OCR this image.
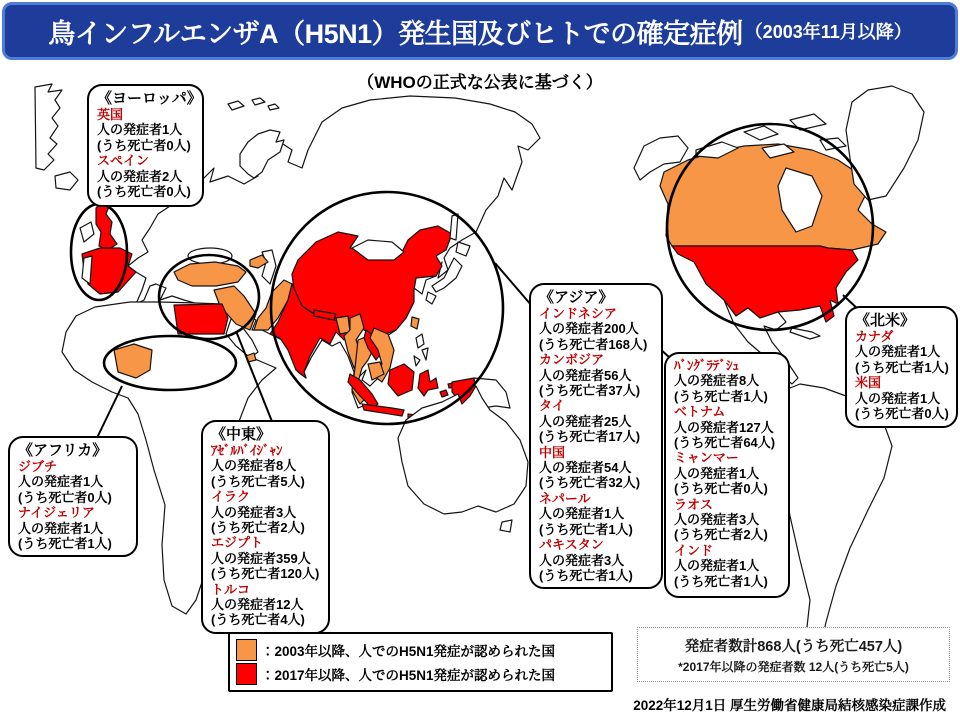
鳥インフルエンザA（H5N1）発生国及びヒトでの確定症例 （2003年11月以降）
（WHOの正式な公表に基づく）
《ヨーロッパ》
英国
人の発症者1人
(うち死亡者0人)
スペイン
人の発症者2人
(うち死亡者0人)
《アジア》
インドネシア
人の発症者200人
(うち死亡者168人)
カンボジア
人の発症者56人
(うち死亡者37人)
タイ
人の発症者25人
(うち死亡者17人)
中国
人の発症者54人
(うち死亡者32人)
ネパール
人の発症者1人
(うち死亡者1人)
パキスタン
人の発症者3人
(うち死亡者1人)
ﾊﾞﾝｸﾞﾗﾃﾞｼｭ
人の発症者8人
(うち死亡者1人)
ベトナム
人の発症者127人
(うち死亡者64人)
ミャンマー
人の発症者1人
(うち死亡者0人)
ラオス
人の発症者3人
(うち死亡者2人)
インド
人の発症者1人
(うち死亡者1人)
《北米》
カナダ
人の発症者1人
(うち死亡者1人)
米国
人の発症者1人
(うち死亡者0人)
《アフリカ》
ジブチ
人の発症者1人
(うち死亡者0人)
ナイジェリア
人の発症者1人
(うち死亡者1人)
《中東》
ｱｾﾞﾙﾊﾞｲｼﾞｬﾝ
人の発症者8人
(うち死亡者5人)
イラク
人の発症者3人
(うち死亡者2人)
エジプト
人の発症者359人
(うち死亡者120人)
トルコ
人の発症者12人
(うち死亡者4人)
：2003年以降、人でのH5N1発症が認められた国
：2017年以降、人でのH5N1発症が認められた国
発症者数計868人(うち死亡457人)
*2017年以降の発症者数 12人(うち死亡5人)
2022年12月1日 厚生労働省健康局結核感染症課作成
